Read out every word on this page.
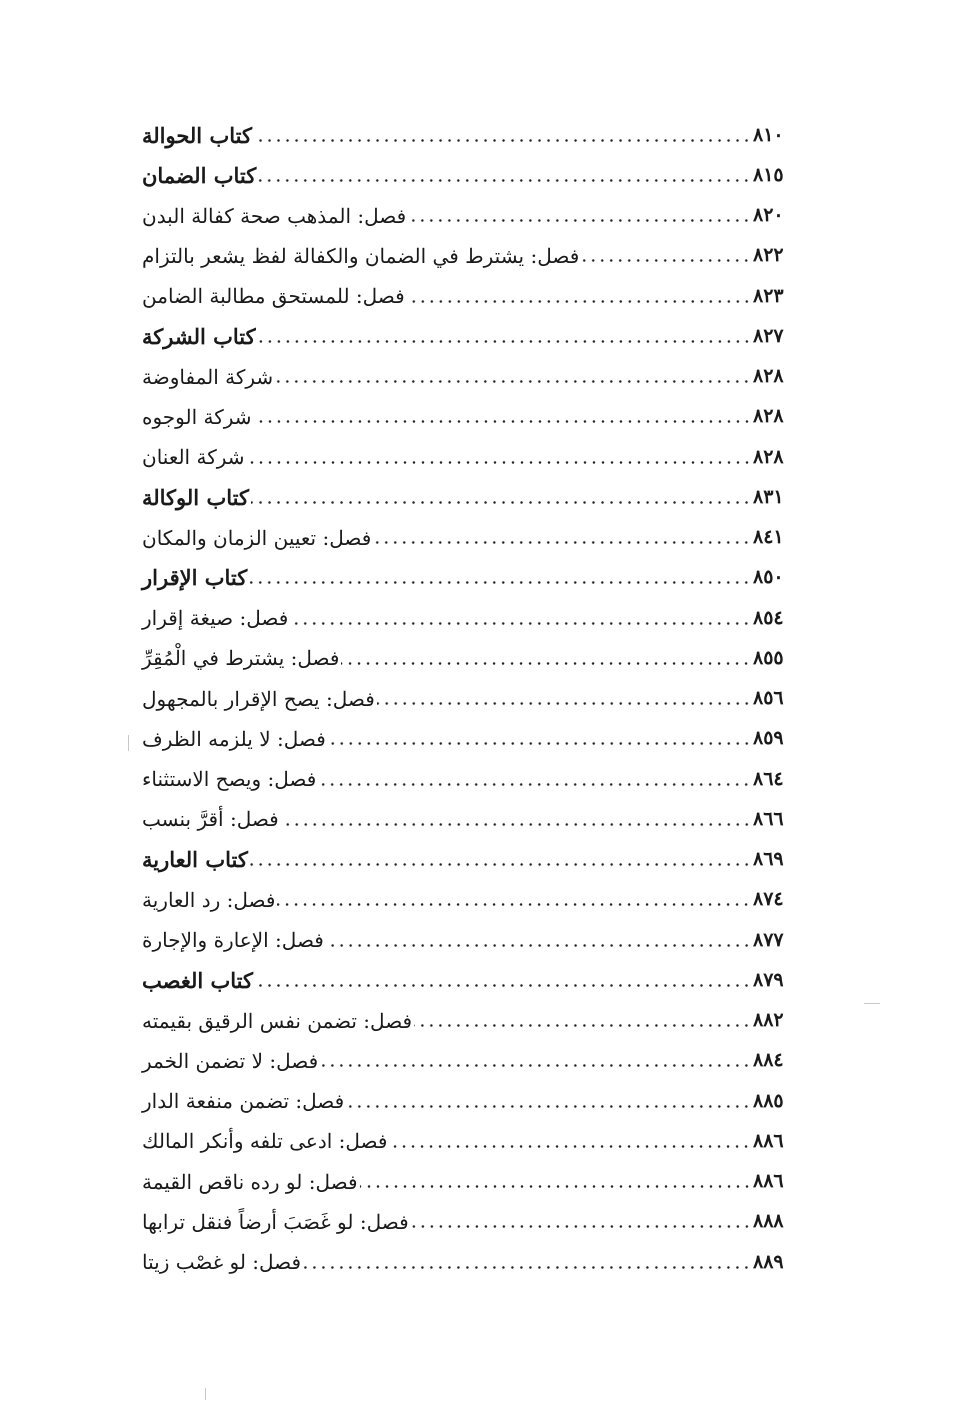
كتاب الحوالة	٨١٠
كتاب الضمان	٨١٥
فصل: المذهب صحة كفالة البدن	٨٢٠
فصل: يشترط في الضمان والكفالة لفظ يشعر بالتزام	٨٢٢
فصل: للمستحق مطالبة الضامن	٨٢٣
كتاب الشركة	٨٢٧
شركة المفاوضة	٨٢٨
شركة الوجوه	٨٢٨
شركة العنان	٨٢٨
كتاب الوكالة	٨٣١
فصل: تعيين الزمان والمكان	٨٤١
كتاب الإقرار	٨٥٠
فصل: صيغة إقرار	٨٥٤
فصل: يشترط في الْمُقِرِّ	٨٥٥
فصل: يصح الإقرار بالمجهول	٨٥٦
فصل: لا يلزمه الظرف	٨٥٩
فصل: ويصح الاستثناء	٨٦٤
فصل: أقرَّ بنسب	٨٦٦
كتاب العارية	٨٦٩
فصل: رد العارية	٨٧٤
فصل: الإعارة والإجارة	٨٧٧
كتاب الغصب	٨٧٩
فصل: تضمن نفس الرقيق بقيمته	٨٨٢
فصل: لا تضمن الخمر	٨٨٤
فصل: تضمن منفعة الدار	٨٨٥
فصل: ادعى تلفه وأنكر المالك	٨٨٦
فصل: لو رده ناقص القيمة	٨٨٦
فصل: لو غَصَبَ أرضاً فنقل ترابها	٨٨٨
فصل: لو غصْب زيتا	٨٨٩
